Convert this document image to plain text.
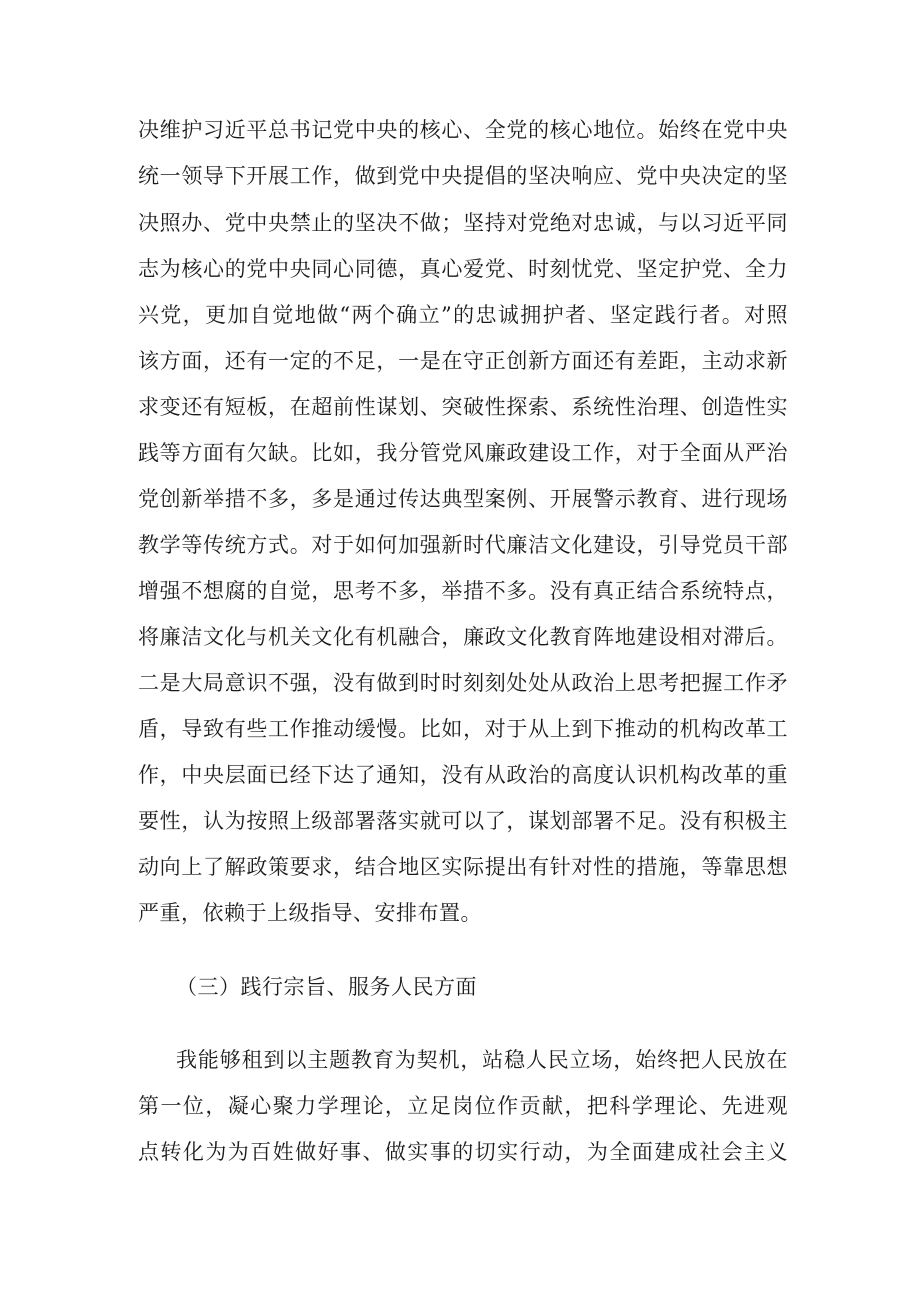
决维护习近平总书记党中央的核心、全党的核心地位。始终在党中央
统一领导下开展工作，做到党中央提倡的坚决响应、党中央决定的坚
决照办、党中央禁止的坚决不做；坚持对党绝对忠诚，与以习近平同
志为核心的党中央同心同德，真心爱党、时刻忧党、坚定护党、全力
兴党，更加自觉地做“两个确立”的忠诚拥护者、坚定践行者。对照
该方面，还有一定的不足，一是在守正创新方面还有差距，主动求新
求变还有短板，在超前性谋划、突破性探索、系统性治理、创造性实
践等方面有欠缺。比如，我分管党风廉政建设工作，对于全面从严治
党创新举措不多，多是通过传达典型案例、开展警示教育、进行现场
教学等传统方式。对于如何加强新时代廉洁文化建设，引导党员干部
增强不想腐的自觉，思考不多，举措不多。没有真正结合系统特点，
将廉洁文化与机关文化有机融合，廉政文化教育阵地建设相对滞后。
二是大局意识不强，没有做到时时刻刻处处从政治上思考把握工作矛
盾，导致有些工作推动缓慢。比如，对于从上到下推动的机构改革工
作，中央层面已经下达了通知，没有从政治的高度认识机构改革的重
要性，认为按照上级部署落实就可以了，谋划部署不足。没有积极主
动向上了解政策要求，结合地区实际提出有针对性的措施，等靠思想
严重，依赖于上级指导、安排布置。
（三）践行宗旨、服务人民方面
我能够租到以主题教育为契机，站稳人民立场，始终把人民放在
第一位，凝心聚力学理论，立足岗位作贡献，把科学理论、先进观
点转化为为百姓做好事、做实事的切实行动，为全面建成社会主义
